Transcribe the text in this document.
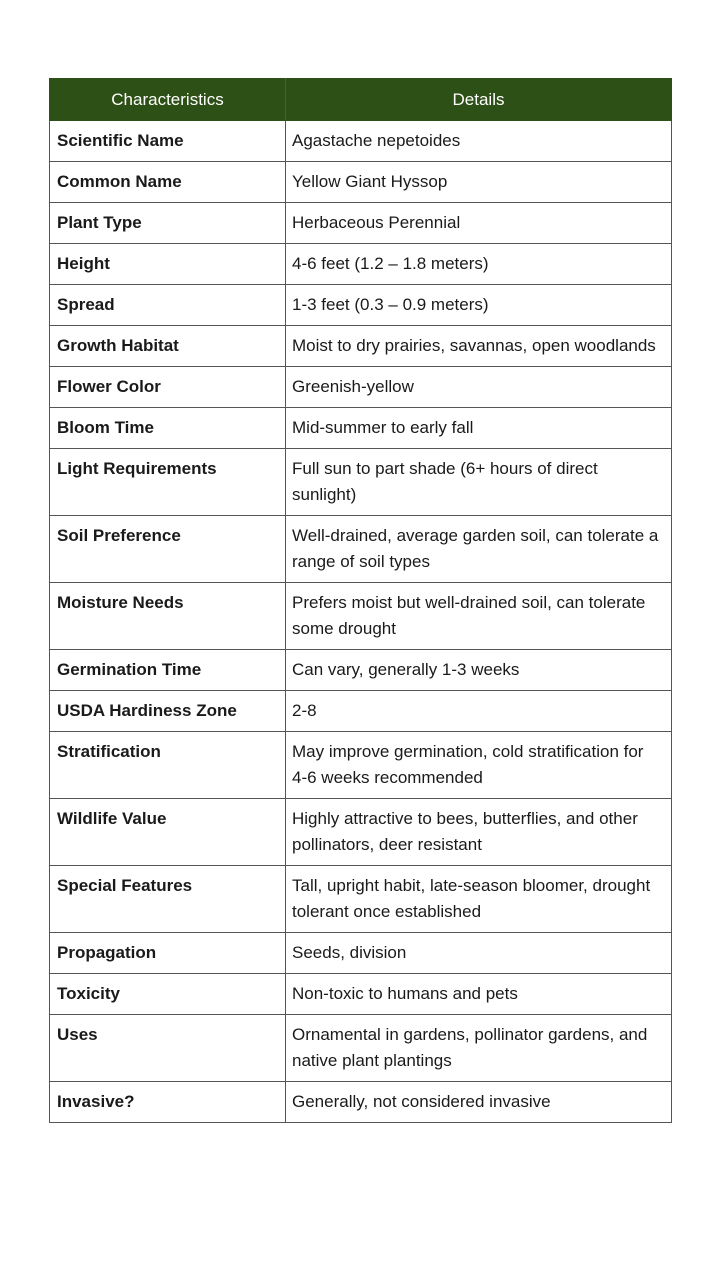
Characteristics	Details
Scientific Name	Agastache nepetoides
Common Name	Yellow Giant Hyssop
Plant Type	Herbaceous Perennial
Height	4-6 feet (1.2 – 1.8 meters)
Spread	1-3 feet (0.3 – 0.9 meters)
Growth Habitat	Moist to dry prairies, savannas, open woodlands
Flower Color	Greenish-yellow
Bloom Time	Mid-summer to early fall
Light Requirements	Full sun to part shade (6+ hours of direct sunlight)
Soil Preference	Well-drained, average garden soil, can tolerate a range of soil types
Moisture Needs	Prefers moist but well-drained soil, can tolerate some drought
Germination Time	Can vary, generally 1-3 weeks
USDA Hardiness Zone	2-8
Stratification	May improve germination, cold stratification for 4-6 weeks recommended
Wildlife Value	Highly attractive to bees, butterflies, and other pollinators, deer resistant
Special Features	Tall, upright habit, late-season bloomer, drought tolerant once established
Propagation	Seeds, division
Toxicity	Non-toxic to humans and pets
Uses	Ornamental in gardens, pollinator gardens, and native plant plantings
Invasive?	Generally, not considered invasive
